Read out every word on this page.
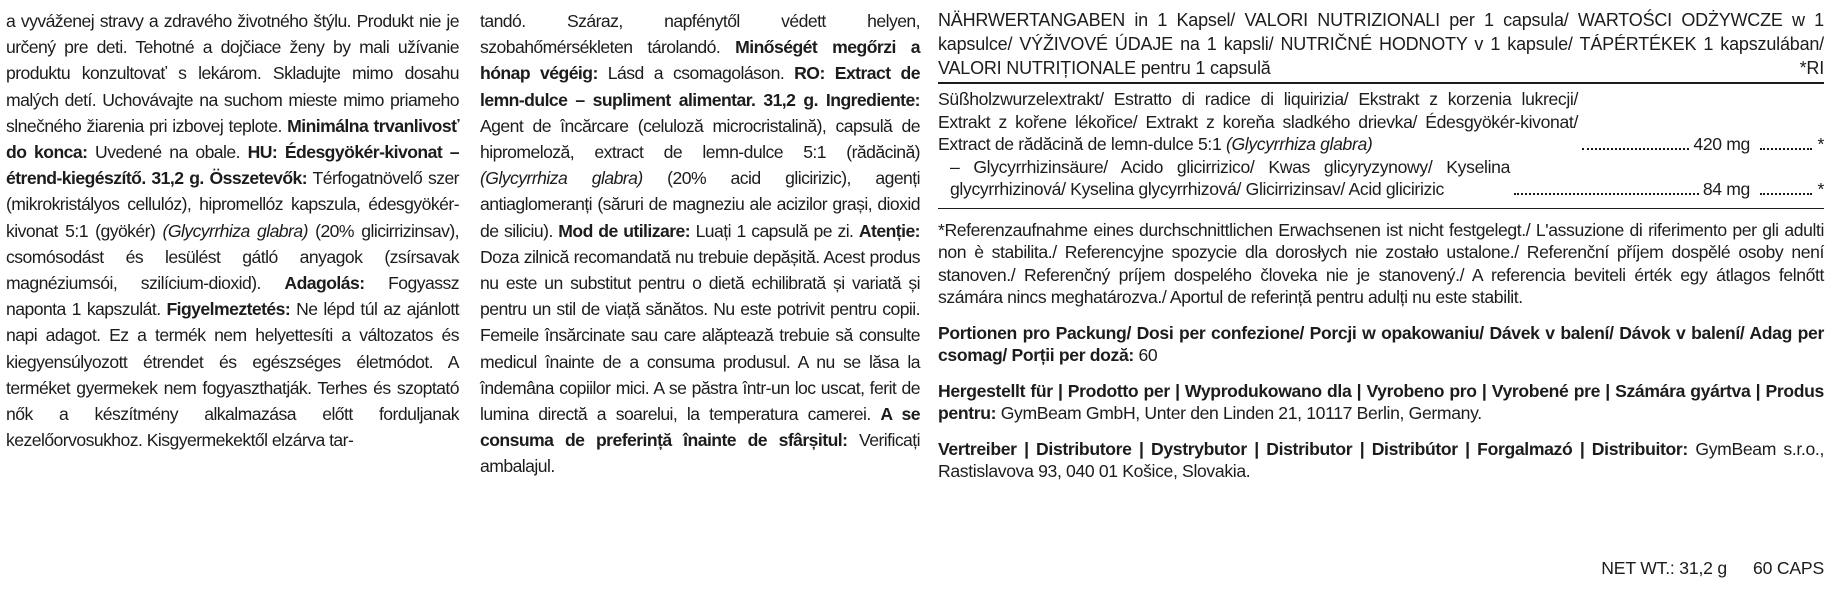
a vyváženej stravy a zdravého životného štýlu. Produkt nie je určený pre deti. Tehotné a dojčiace ženy by mali užívanie produktu konzultovať s lekárom. Skladujte mimo dosahu malých detí. Uchovávajte na suchom mieste mimo priameho slnečného žiarenia pri izbovej teplote. Minimálna trvanlivosť do konca: Uvedené na obale. HU: Édesgyökér-kivonat – étrend-kiegészítő. 31,2 g. Összetevők: Térfogatnövelő szer (mikrokristályos cellulóz), hipromellóz kapszula, édesgyökér-kivonat 5:1 (gyökér) (Glycyrrhiza glabra) (20% glicirrizinsav), csomósodást és lesülést gátló anyagok (zsírsavak magnéziumsói, szilícium-dioxid). Adagolás: Fogyassz naponta 1 kapszulát. Figyelmeztetés: Ne lépd túl az ajánlott napi adagot. Ez a termék nem helyettesíti a változatos és kiegyensúlyozott étrendet és egészséges életmódot. A terméket gyermekek nem fogyaszthatják. Terhes és szoptató nők a készítmény alkalmazása előtt forduljanak kezelőorvosukhoz. Kisgyermekektől elzárva tar-
tandó. Száraz, napfénytől védett helyen, szobahőmérsékleten tárolandó. Minőségét megőrzi a hónap végéig: Lásd a csomagoláson. RO: Extract de lemn-dulce – supliment alimentar. 31,2 g. Ingrediente: Agent de încărcare (celuloză microcristalină), capsulă de hipromeloză, extract de lemn-dulce 5:1 (rădăcină) (Glycyrrhiza glabra) (20% acid glicirizic), agenți antiaglomeranți (săruri de magneziu ale acizilor grași, dioxid de siliciu). Mod de utilizare: Luați 1 capsulă pe zi. Atenție: Doza zilnică recomandată nu trebuie depășită. Acest produs nu este un substitut pentru o dietă echilibrată și variată și pentru un stil de viață sănătos. Nu este potrivit pentru copii. Femeile însărcinate sau care alăptează trebuie să consulte medicul înainte de a consuma produsul. A nu se lăsa la îndemâna copiilor mici. A se păstra într-un loc uscat, ferit de lumina directă a soarelui, la temperatura camerei. A se consuma de preferință înainte de sfârșitul: Verificați ambalajul.
NÄHRWERTANGABEN in 1 Kapsel/ VALORI NUTRIZIONALI per 1 capsula/ WARTOŚCI ODŻYWCZE w 1 kapsulce/ VÝŽIVOVÉ ÚDAJE na 1 kapsli/ NUTRIČNÉ HODNOTY v 1 kapsule/ TÁPÉRTÉKEK 1 kapszulában/ VALORI NUTRIȚIONALE pentru 1 capsulă	*RI
Süßholzwurzelextrakt/ Estratto di radice di liquirizia/ Ekstrakt z korzenia lukrecji/ Extrakt z kořene lékořice/ Extrakt z koreňa sladkého drievka/ Édesgyökér-kivonat/ Extract de rădăcină de lemn-dulce 5:1 (Glycyrrhiza glabra)	420 mg	*
– Glycyrrhizinsäure/ Acido glicirrizico/ Kwas glicyryzynowy/ Kyselina glycyrrhizinová/ Kyselina glycyrrhizová/ Glicirrizinsav/ Acid glicirizic	84 mg	*

*Referenzaufnahme eines durchschnittlichen Erwachsenen ist nicht festgelegt./ L'assuzione di riferimento per gli adulti non è stabilita./ Referencyjne spozycie dla dorosłych nie zostało ustalone./ Referenční příjem dospělé osoby není stanoven./ Referenčný príjem dospelého človeka nie je stanovený./ A referencia beviteli érték egy átlagos felnőtt számára nincs meghatározva./ Aportul de referință pentru adulți nu este stabilit.

Portionen pro Packung/ Dosi per confezione/ Porcji w opakowaniu/ Dávek v balení/ Dávok v balení/ Adag per csomag/ Porții per doză: 60

Hergestellt für | Prodotto per | Wyprodukowano dla | Vyrobeno pro | Vyrobené pre | Számára gyártva | Produs pentru: GymBeam GmbH, Unter den Linden 21, 10117 Berlin, Germany.

Vertreiber | Distributore | Dystrybutor | Distributor | Distribútor | Forgalmazó | Distribuitor: GymBeam s.r.o., Rastislavova 93, 040 01 Košice, Slovakia.

NET WT.: 31,2 g 60 CAPS
